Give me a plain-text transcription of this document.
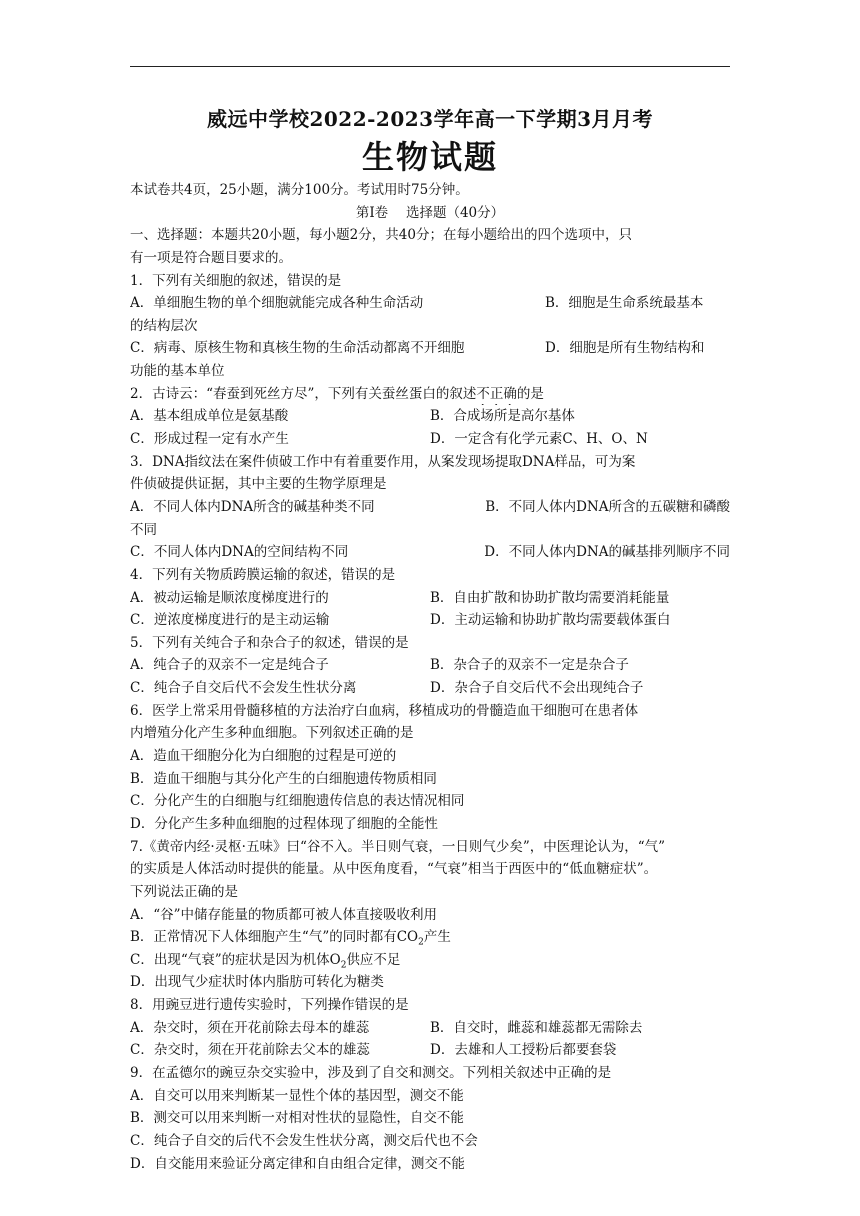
威远中学校2022-2023学年高一下学期3月月考
生物试题
本试卷共4页，25小题，满分100分。考试用时75分钟。
第I卷　 选择题（40分）
一、选择题：本题共20小题，每小题2分，共40分；在每小题给出的四个选项中，只
有一项是符合题目要求的。
1．下列有关细胞的叙述，错误的是
A．单细胞生物的单个细胞就能完成各种生命活动	B．细胞是生命系统最基本
的结构层次
C．病毒、原核生物和真核生物的生命活动都离不开细胞	D．细胞是所有生物结构和
功能的基本单位
2．古诗云：“春蚕到死丝方尽”，下列有关蚕丝蛋白的叙述不正确的是
A．基本组成单位是氨基酸	B．合成场所是高尔基体
C．形成过程一定有水产生	D．一定含有化学元素C、H、O、N
3．DNA指纹法在案件侦破工作中有着重要作用，从案发现场提取DNA样品，可为案
件侦破提供证据，其中主要的生物学原理是
A．不同人体内DNA所含的碱基种类不同	B．不同人体内DNA所含的五碳糖和磷酸
不同
C．不同人体内DNA的空间结构不同	D．不同人体内DNA的碱基排列顺序不同
4．下列有关物质跨膜运输的叙述，错误的是
A．被动运输是顺浓度梯度进行的	B．自由扩散和协助扩散均需要消耗能量
C．逆浓度梯度进行的是主动运输	D．主动运输和协助扩散均需要载体蛋白
5．下列有关纯合子和杂合子的叙述，错误的是
A．纯合子的双亲不一定是纯合子	B．杂合子的双亲不一定是杂合子
C．纯合子自交后代不会发生性状分离	D．杂合子自交后代不会出现纯合子
6．医学上常采用骨髓移植的方法治疗白血病，移植成功的骨髓造血干细胞可在患者体
内增殖分化产生多种血细胞。下列叙述正确的是
A．造血干细胞分化为白细胞的过程是可逆的
B．造血干细胞与其分化产生的白细胞遗传物质相同
C．分化产生的白细胞与红细胞遗传信息的表达情况相同
D．分化产生多种血细胞的过程体现了细胞的全能性
7.《黄帝内经·灵枢·五味》曰“谷不入。半日则气衰，一日则气少矣”，中医理论认为，“气”
的实质是人体活动时提供的能量。从中医角度看，“气衰”相当于西医中的“低血糖症状”。
下列说法正确的是
A．“谷”中储存能量的物质都可被人体直接吸收利用
B．正常情况下人体细胞产生“气”的同时都有$CO_2$产生
C．出现“气衰”的症状是因为机体$O_2$供应不足
D．出现气少症状时体内脂肪可转化为糖类
8．用豌豆进行遗传实验时，下列操作错误的是
A．杂交时，须在开花前除去母本的雄蕊	B．自交时，雌蕊和雄蕊都无需除去
C．杂交时，须在开花前除去父本的雄蕊	D．去雄和人工授粉后都要套袋
9．在孟德尔的豌豆杂交实验中，涉及到了自交和测交。下列相关叙述中正确的是
A．自交可以用来判断某一显性个体的基因型，测交不能
B．测交可以用来判断一对相对性状的显隐性，自交不能
C．纯合子自交的后代不会发生性状分离，测交后代也不会
D．自交能用来验证分离定律和自由组合定律，测交不能
